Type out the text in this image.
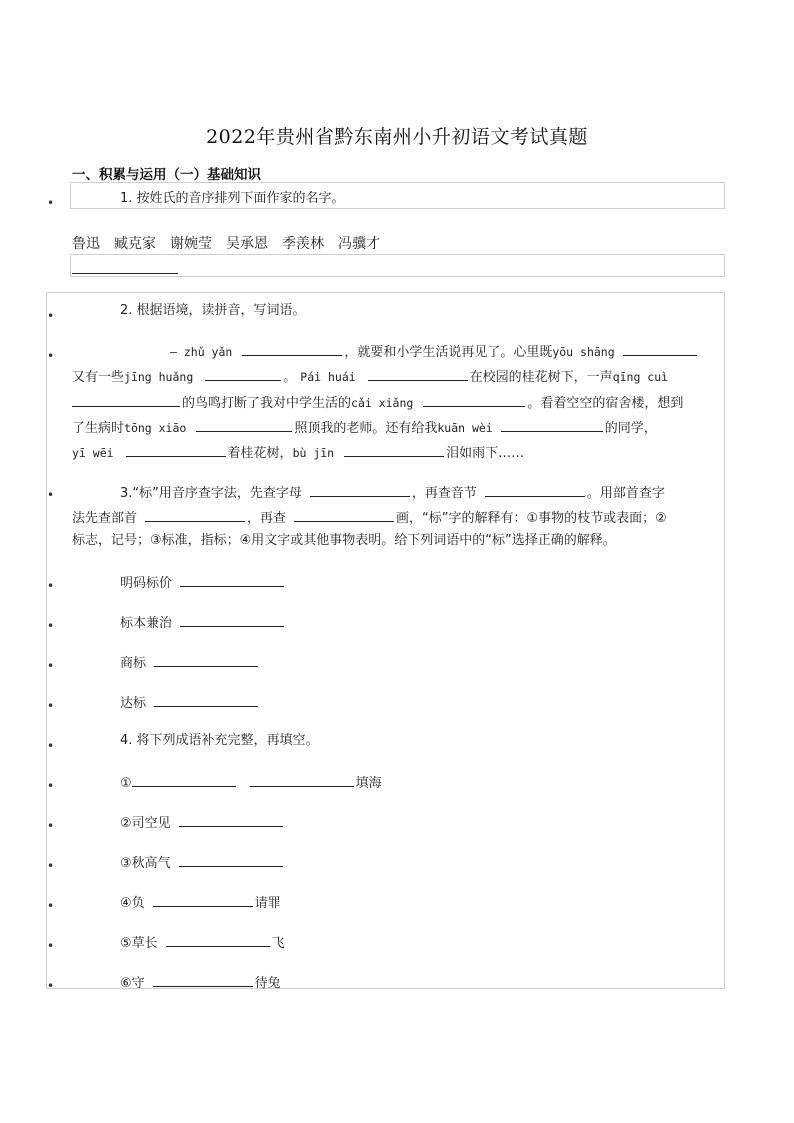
2022年贵州省黔东南州小升初语文考试真题
一、积累与运用（一）基础知识
•	1. 按姓氏的音序排列下面作家的名字。
鲁迅　臧克家　谢婉莹　吴承恩　季羡林　冯骥才
•	2. 根据语境，读拼音，写词语。
•	— zhǔ yǎn	，就要和小学生活说再见了。心里既yōu shāng
又有一些jīng huǎng	。 Pái huái	在校园的桂花树下，一声qīng cuì
的鸟鸣打断了我对中学生活的cǎi xiǎng	。看着空空的宿舍楼，想到
了生病时tōng xiāo	照顶我的老师。还有给我kuān wèi	的同学，
yī wēi	着桂花树，bù jīn	泪如雨下……
•	3.“标”用音序查字法，先查字母	，再查音节	。用部首查字
法先查部首	，再查	画，“标”字的解释有：①事物的枝节或表面；②
标志，记号；③标准，指标；④用文字或其他事物表明。给下列词语中的“标”选择正确的解释。
•	明码标价
•	标本兼治
•	商标
•	达标
•	4. 将下列成语补充完整，再填空。
•	①	填海
•	②司空见
•	③秋高气
•	④负	请罪
•	⑤草长	飞
•	⑥守	待兔
